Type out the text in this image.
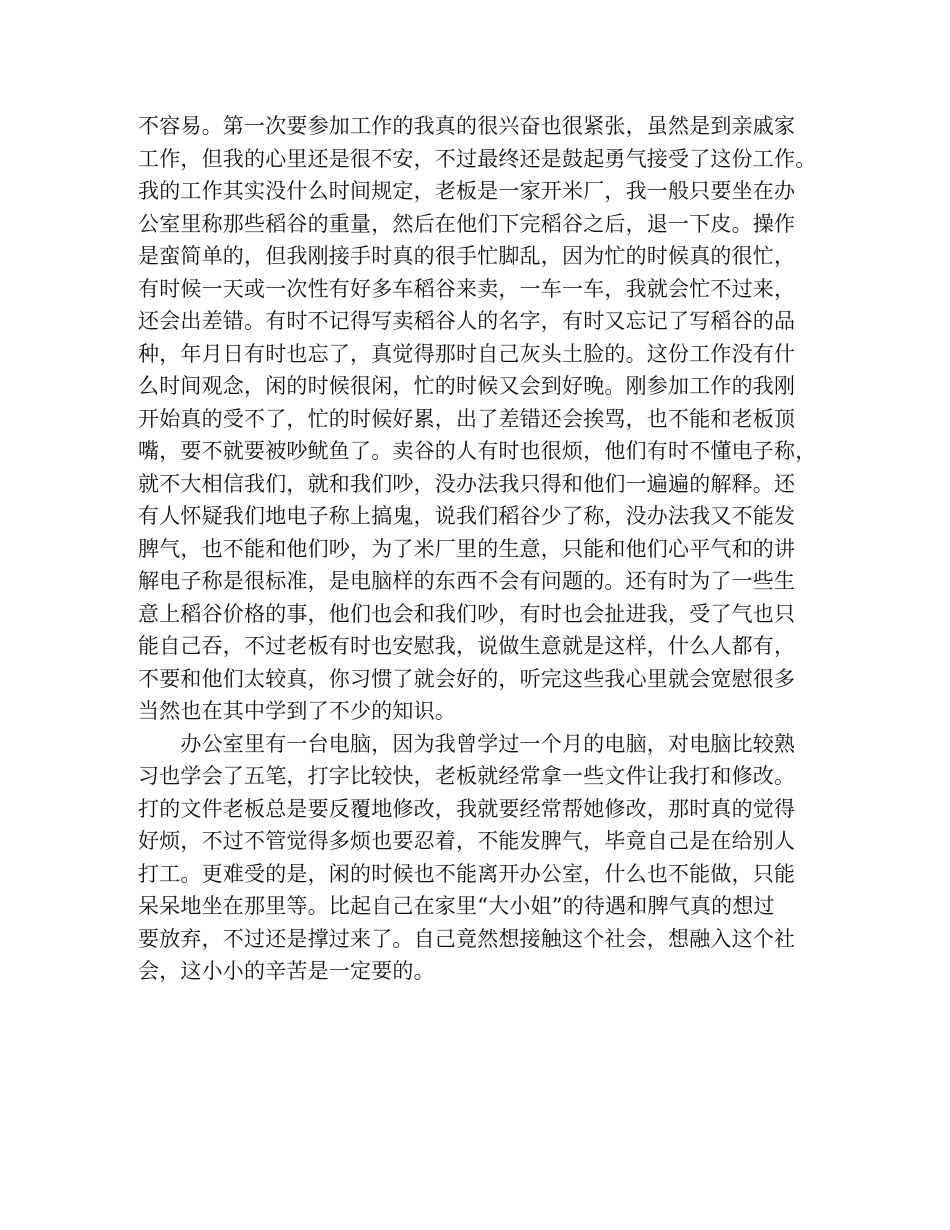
不容易。第一次要参加工作的我真的很兴奋也很紧张，虽然是到亲戚家
工作，但我的心里还是很不安，不过最终还是鼓起勇气接受了这份工作。
我的工作其实没什么时间规定，老板是一家开米厂，我一般只要坐在办
公室里称那些稻谷的重量，然后在他们下完稻谷之后，退一下皮。操作
是蛮简单的，但我刚接手时真的很手忙脚乱，因为忙的时候真的很忙，
有时候一天或一次性有好多车稻谷来卖，一车一车，我就会忙不过来，
还会出差错。有时不记得写卖稻谷人的名字，有时又忘记了写稻谷的品
种，年月日有时也忘了，真觉得那时自己灰头土脸的。这份工作没有什
么时间观念，闲的时候很闲，忙的时候又会到好晚。刚参加工作的我刚
开始真的受不了，忙的时候好累，出了差错还会挨骂，也不能和老板顶
嘴，要不就要被吵鱿鱼了。卖谷的人有时也很烦，他们有时不懂电子称，
就不大相信我们，就和我们吵，没办法我只得和他们一遍遍的解释。还
有人怀疑我们地电子称上搞鬼，说我们稻谷少了称，没办法我又不能发
脾气，也不能和他们吵，为了米厂里的生意，只能和他们心平气和的讲
解电子称是很标准，是电脑样的东西不会有问题的。还有时为了一些生
意上稻谷价格的事，他们也会和我们吵，有时也会扯进我，受了气也只
能自己吞，不过老板有时也安慰我，说做生意就是这样，什么人都有，
不要和他们太较真，你习惯了就会好的，听完这些我心里就会宽慰很多
当然也在其中学到了不少的知识。
　　办公室里有一台电脑，因为我曾学过一个月的电脑，对电脑比较熟
习也学会了五笔，打字比较快，老板就经常拿一些文件让我打和修改。
打的文件老板总是要反覆地修改，我就要经常帮她修改，那时真的觉得
好烦，不过不管觉得多烦也要忍着，不能发脾气，毕竟自己是在给别人
打工。更难受的是，闲的时候也不能离开办公室，什么也不能做，只能
呆呆地坐在那里等。比起自己在家里“大小姐”的待遇和脾气真的想过
要放弃，不过还是撑过来了。自己竟然想接触这个社会，想融入这个社
会，这小小的辛苦是一定要的。
